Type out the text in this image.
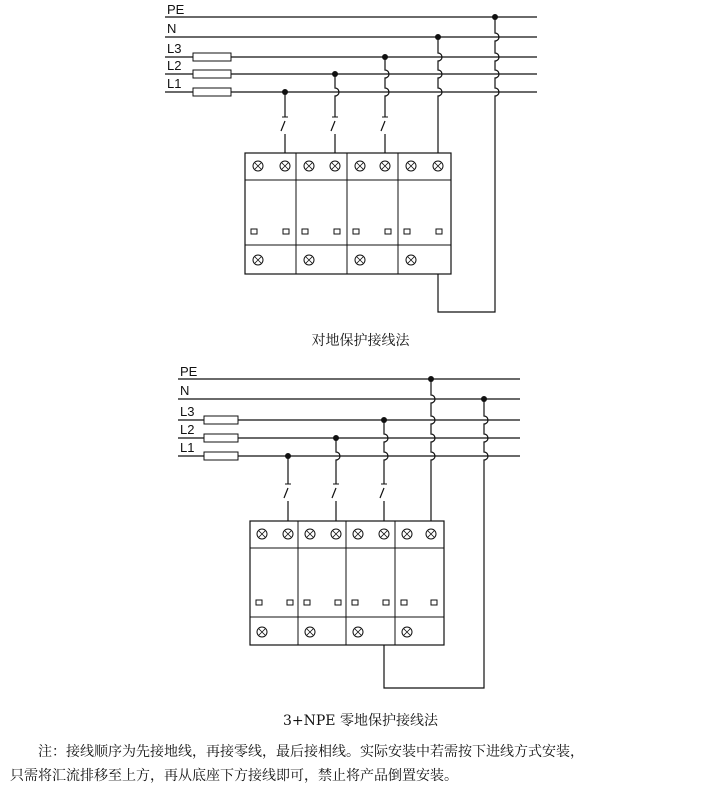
PE
N
L3
L2
L1
PE
N
L3
L2
L1
对地保护接线法
3+NPE 零地保护接线法
注：接线顺序为先接地线，再接零线，最后接相线。实际安装中若需按下进线方式安装，
只需将汇流排移至上方，再从底座下方接线即可，禁止将产品倒置安装。
